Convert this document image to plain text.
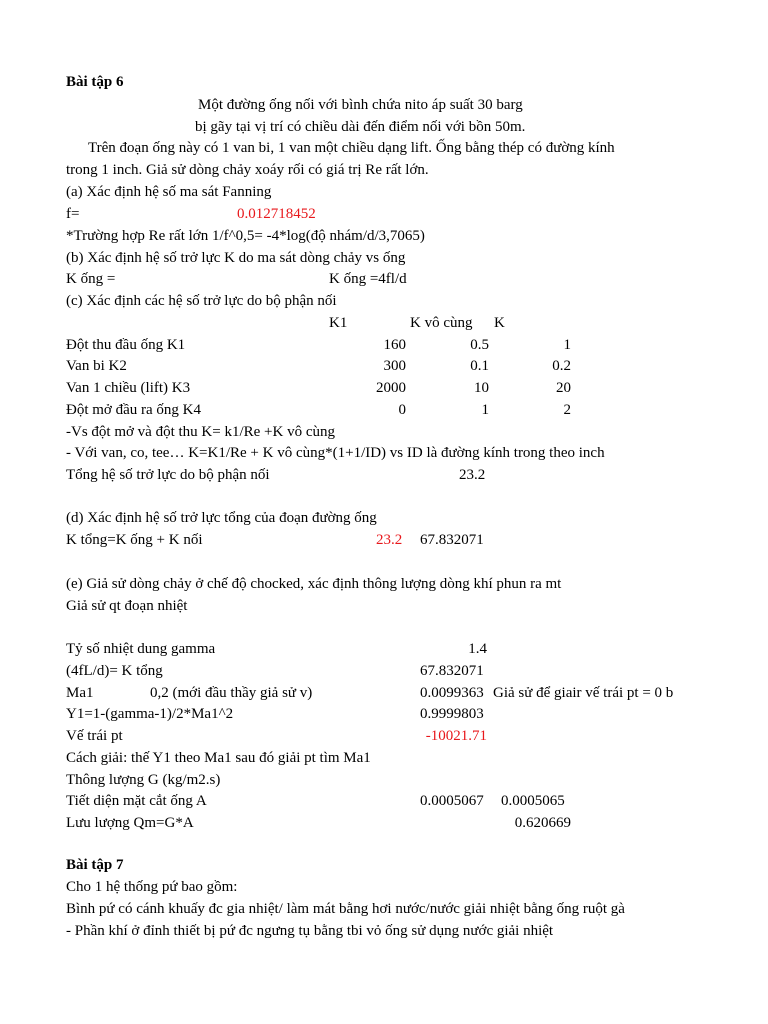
Bài tập 6
Một đường ống nối với bình chứa nito áp suất 30 barg
bị gãy tại vị trí có chiều dài đến điểm nối với bồn 50m.
Trên đoạn ống này có 1 van bi, 1 van một chiều dạng lift. Ống bằng thép có đường kính
trong 1 inch. Giả sử dòng chảy xoáy rối có giá trị Re rất lớn.
(a) Xác định hệ số ma sát Fanning
f=	0.012718452
*Trường hợp Re rất lớn 1/f^0,5= -4*log(độ nhám/d/3,7065)
(b) Xác định hệ số trở lực K do ma sát dòng chảy vs ống
K ống =	K ống =4fl/d
(c) Xác định các hệ số trở lực do bộ phận nối
K1	K vô cùng K
Đột thu đầu ống K1	160	0.5	1
Van bi K2	300	0.1	0.2
Van 1 chiều (lift) K3	2000	10	20
Đột mở đầu ra ống K4	0	1	2
-Vs đột mở và đột thu K= k1/Re +K vô cùng
- Với van, co, tee… K=K1/Re + K vô cùng*(1+1/ID) vs ID là đường kính trong theo inch
Tổng hệ số trở lực do bộ phận nối	23.2
(d) Xác định hệ số trở lực tổng của đoạn đường ống
K tổng=K ống + K nối	23.2 67.832071
(e) Giả sử dòng chảy ở chế độ chocked, xác định thông lượng dòng khí phun ra mt
Giả sử qt đoạn nhiệt
Tỷ số nhiệt dung gamma	1.4
(4fL/d)= K tổng	67.832071
Ma1	0,2 (mới đầu thầy giả sử v)	0.0099363 Giả sử để giair vế trái pt = 0 b
Y1=1-(gamma-1)/2*Ma1^2	0.9999803
Vế trái pt	-10021.71
Cách giải: thế Y1 theo Ma1 sau đó giải pt tìm Ma1
Thông lượng G (kg/m2.s)
Tiết diện mặt cắt ống A	0.0005067 0.0005065
Lưu lượng Qm=G*A	0.620669
Bài tập 7
Cho 1 hệ thống pứ bao gồm:
Bình pứ có cánh khuấy đc gia nhiệt/ làm mát bằng hơi nước/nước giải nhiệt bằng ống ruột gà
- Phần khí ở đỉnh thiết bị pứ đc ngưng tụ bằng tbi vỏ ống sử dụng nước giải nhiệt
